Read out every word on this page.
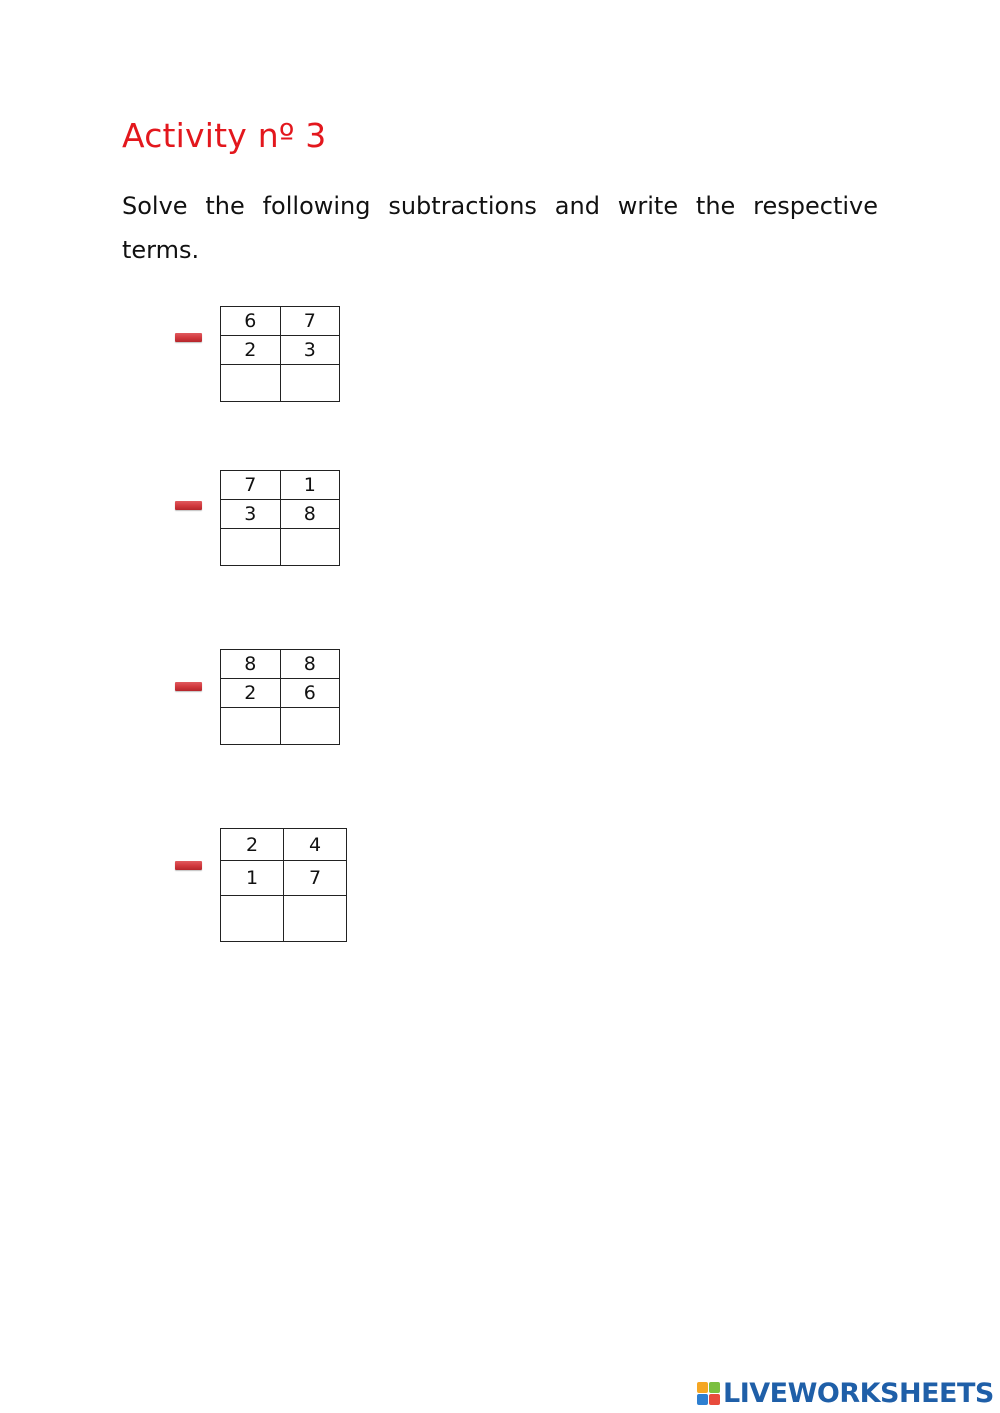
Activity nº 3

Solve the following subtractions and write the respective terms.

6	7
2	3

7	1
3	8

8	8
2	6

2	4
1	7

LIVEWORKSHEETS
